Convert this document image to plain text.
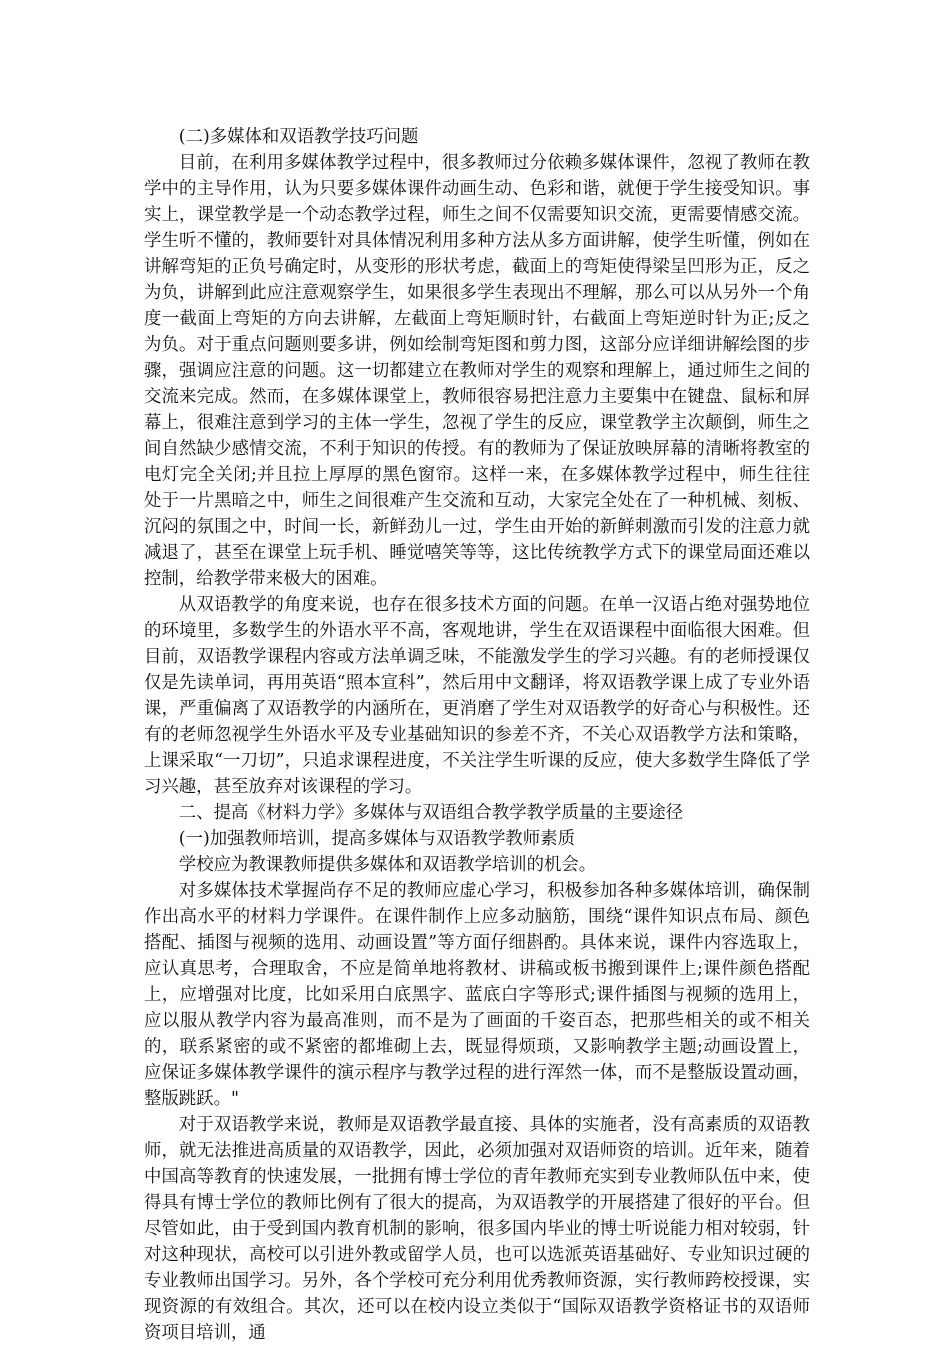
(二)多媒体和双语教学技巧问题

目前，在利用多媒体教学过程中，很多教师过分依赖多媒体课件，忽视了教师在教学中的主导作用，认为只要多媒体课件动画生动、色彩和谐，就便于学生接受知识。事实上，课堂教学是一个动态教学过程，师生之间不仅需要知识交流，更需要情感交流。学生听不懂的，教师要针对具体情况利用多种方法从多方面讲解，使学生听懂，例如在讲解弯矩的正负号确定时，从变形的形状考虑，截面上的弯矩使得梁呈凹形为正，反之为负，讲解到此应注意观察学生，如果很多学生表现出不理解，那么可以从另外一个角度一截面上弯矩的方向去讲解，左截面上弯矩顺时针，右截面上弯矩逆时针为正;反之为负。对于重点问题则要多讲，例如绘制弯矩图和剪力图，这部分应详细讲解绘图的步骤，强调应注意的问题。这一切都建立在教师对学生的观察和理解上，通过师生之间的交流来完成。然而，在多媒体课堂上，教师很容易把注意力主要集中在键盘、鼠标和屏幕上，很难注意到学习的主体一学生，忽视了学生的反应，课堂教学主次颠倒，师生之间自然缺少感情交流，不利于知识的传授。有的教师为了保证放映屏幕的清晰将教室的电灯完全关闭;并且拉上厚厚的黑色窗帘。这样一来，在多媒体教学过程中，师生往往处于一片黑暗之中，师生之间很难产生交流和互动，大家完全处在了一种机械、刻板、沉闷的氛围之中，时间一长，新鲜劲儿一过，学生由开始的新鲜刺激而引发的注意力就减退了，甚至在课堂上玩手机、睡觉嘻笑等等，这比传统教学方式下的课堂局面还难以控制，给教学带来极大的困难。

从双语教学的角度来说，也存在很多技术方面的问题。在单一汉语占绝对强势地位的环境里，多数学生的外语水平不高，客观地讲，学生在双语课程中面临很大困难。但目前，双语教学课程内容或方法单调乏味，不能激发学生的学习兴趣。有的老师授课仅仅是先读单词，再用英语“照本宣科”，然后用中文翻译，将双语教学课上成了专业外语课，严重偏离了双语教学的内涵所在，更消磨了学生对双语教学的好奇心与积极性。还有的老师忽视学生外语水平及专业基础知识的参差不齐，不关心双语教学方法和策略，上课采取“一刀切”，只追求课程进度，不关注学生听课的反应，使大多数学生降低了学习兴趣，甚至放弃对该课程的学习。

二、提高《材料力学》多媒体与双语组合教学教学质量的主要途径

(一)加强教师培训，提高多媒体与双语教学教师素质

学校应为教课教师提供多媒体和双语教学培训的机会。

对多媒体技术掌握尚存不足的教师应虚心学习，积极参加各种多媒体培训，确保制作出高水平的材料力学课件。在课件制作上应多动脑筋，围绕“课件知识点布局、颜色搭配、插图与视频的选用、动画设置”等方面仔细斟酌。具体来说，课件内容选取上，应认真思考，合理取舍，不应是简单地将教材、讲稿或板书搬到课件上;课件颜色搭配上，应增强对比度，比如采用白底黑字、蓝底白字等形式;课件插图与视频的选用上，应以服从教学内容为最高准则，而不是为了画面的千姿百态，把那些相关的或不相关的，联系紧密的或不紧密的都堆砌上去，既显得烦琐，又影响教学主题;动画设置上，应保证多媒体教学课件的演示程序与教学过程的进行浑然一体，而不是整版设置动画，整版跳跃。"

对于双语教学来说，教师是双语教学最直接、具体的实施者，没有高素质的双语教师，就无法推进高质量的双语教学，因此，必须加强对双语师资的培训。近年来，随着中国高等教育的快速发展，一批拥有博士学位的青年教师充实到专业教师队伍中来，使得具有博士学位的教师比例有了很大的提高，为双语教学的开展搭建了很好的平台。但尽管如此，由于受到国内教育机制的影响，很多国内毕业的博士听说能力相对较弱，针对这种现状，高校可以引进外教或留学人员，也可以选派英语基础好、专业知识过硬的专业教师出国学习。另外，各个学校可充分利用优秀教师资源，实行教师跨校授课，实现资源的有效组合。其次，还可以在校内设立类似于“国际双语教学资格证书的双语师资项目培训，通
